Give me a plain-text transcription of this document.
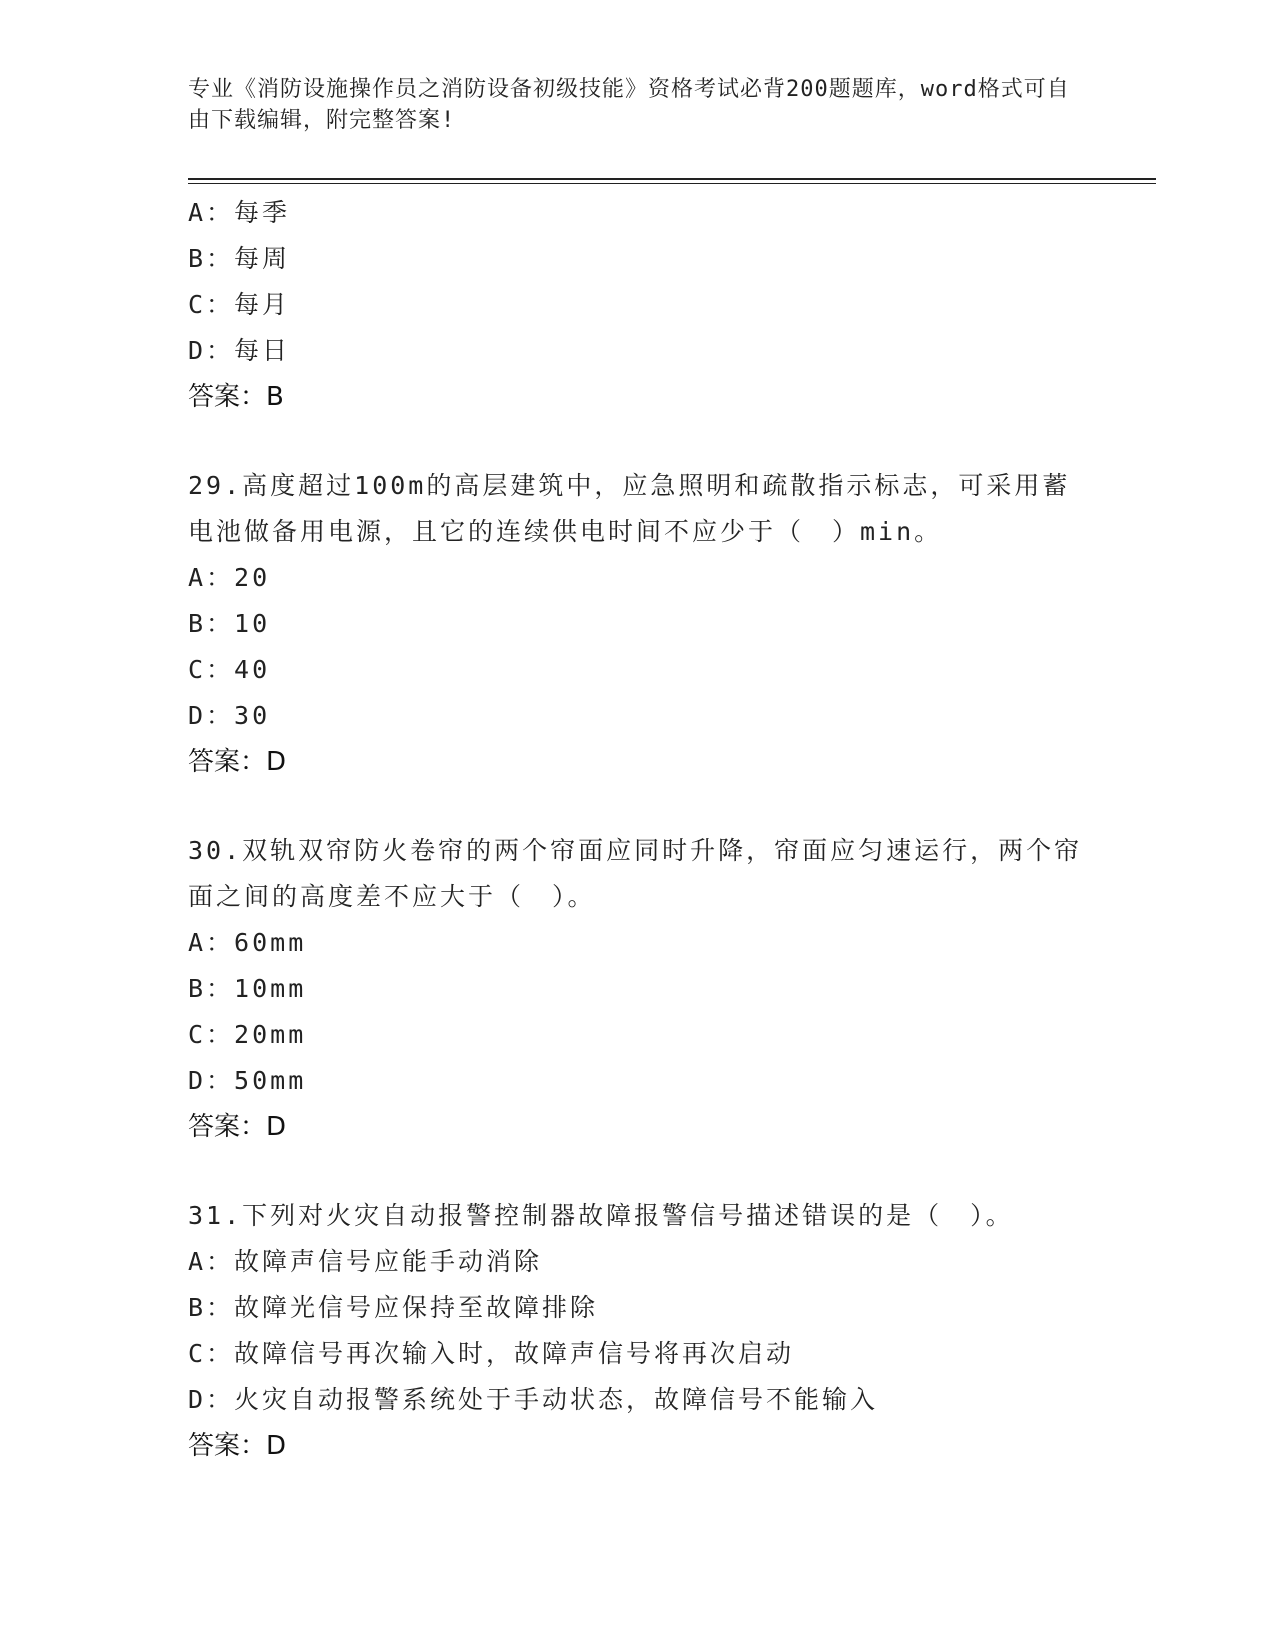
专业《消防设施操作员之消防设备初级技能》资格考试必背200题题库，word格式可自由下载编辑，附完整答案!
A：每季
B：每周
C：每月
D：每日
答案：B
29.高度超过100m的高层建筑中，应急照明和疏散指示标志，可采用蓄电池做备用电源，且它的连续供电时间不应少于（　）min。
A：20
B：10
C：40
D：30
答案：D
30.双轨双帘防火卷帘的两个帘面应同时升降，帘面应匀速运行，两个帘面之间的高度差不应大于（　）。
A：60mm
B：10mm
C：20mm
D：50mm
答案：D
31.下列对火灾自动报警控制器故障报警信号描述错误的是（　）。
A：故障声信号应能手动消除
B：故障光信号应保持至故障排除
C：故障信号再次输入时，故障声信号将再次启动
D：火灾自动报警系统处于手动状态，故障信号不能输入
答案：D
